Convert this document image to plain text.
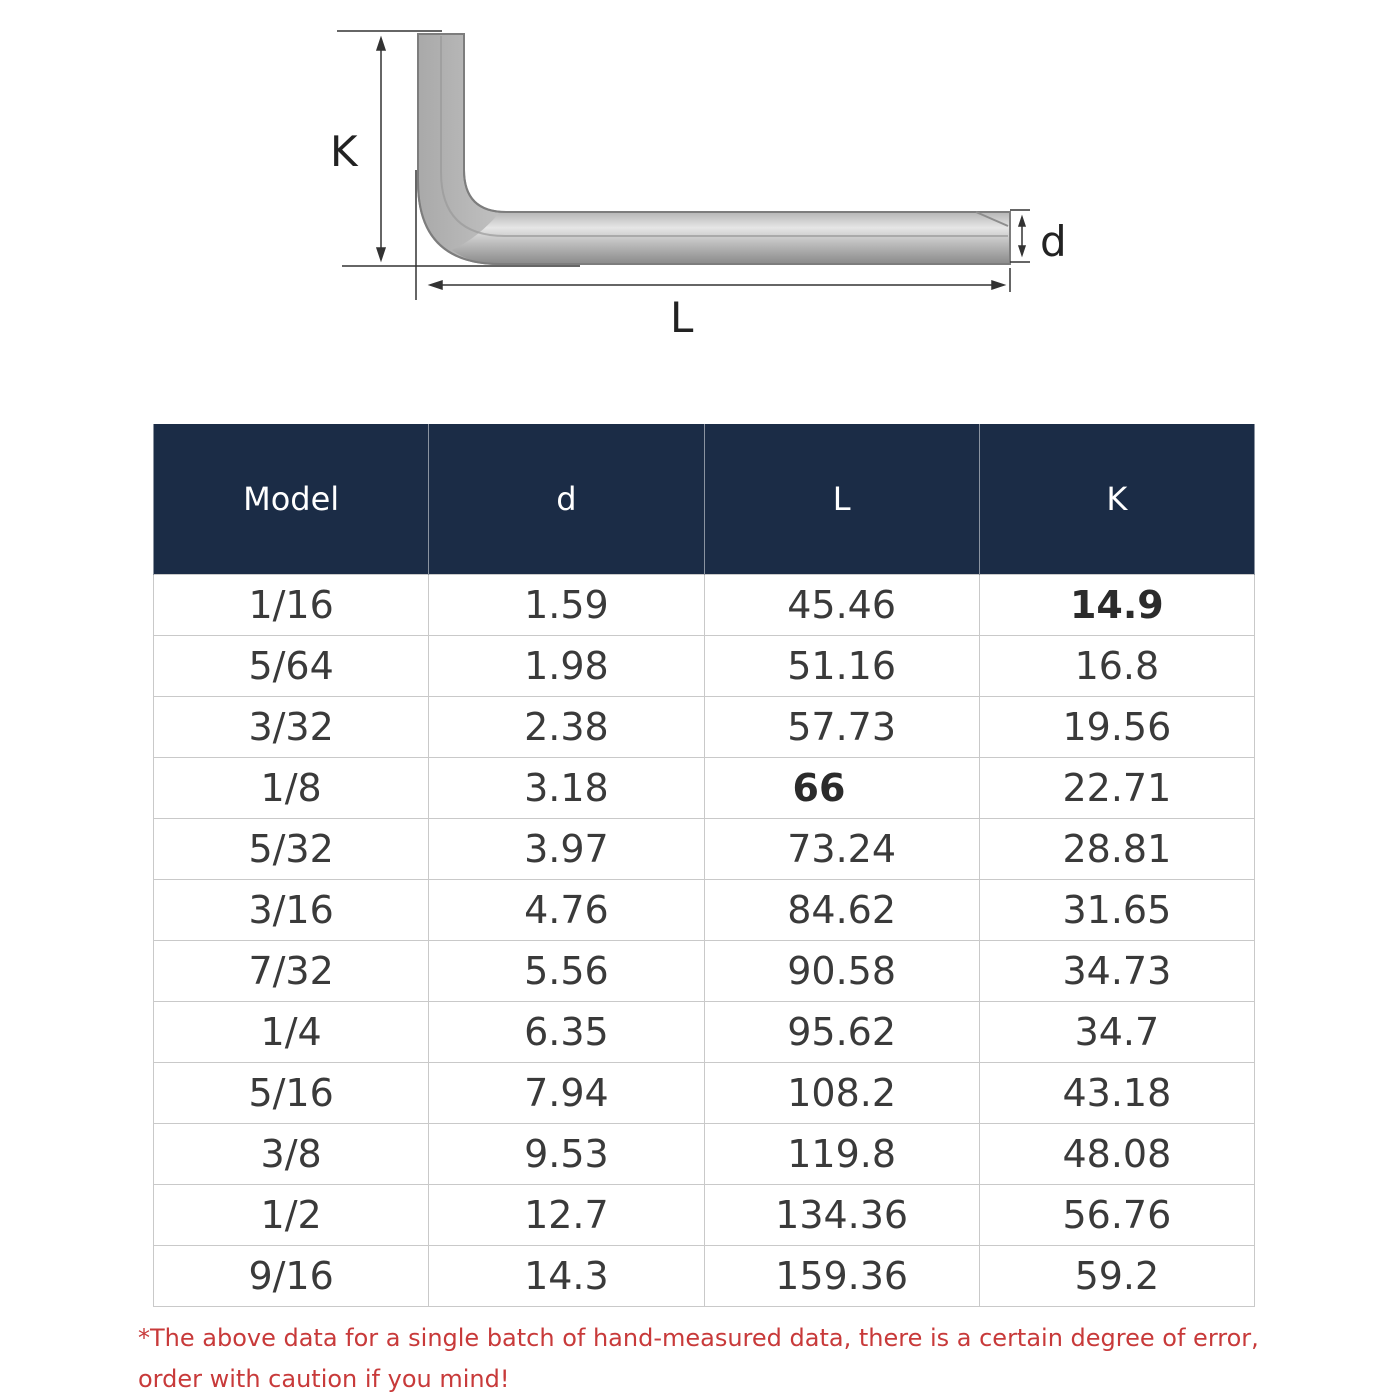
K
L
d
Model	d	L	K
1/16	1.59	45.46	14.9
5/64	1.98	51.16	16.8
3/32	2.38	57.73	19.56
1/8	3.18	66	22.71
5/32	3.97	73.24	28.81
3/16	4.76	84.62	31.65
7/32	5.56	90.58	34.73
1/4	6.35	95.62	34.7
5/16	7.94	108.2	43.18
3/8	9.53	119.8	48.08
1/2	12.7	134.36	56.76
9/16	14.3	159.36	59.2

*The above data for a single batch of hand-measured data, there is a certain degree of error, order with caution if you mind!
